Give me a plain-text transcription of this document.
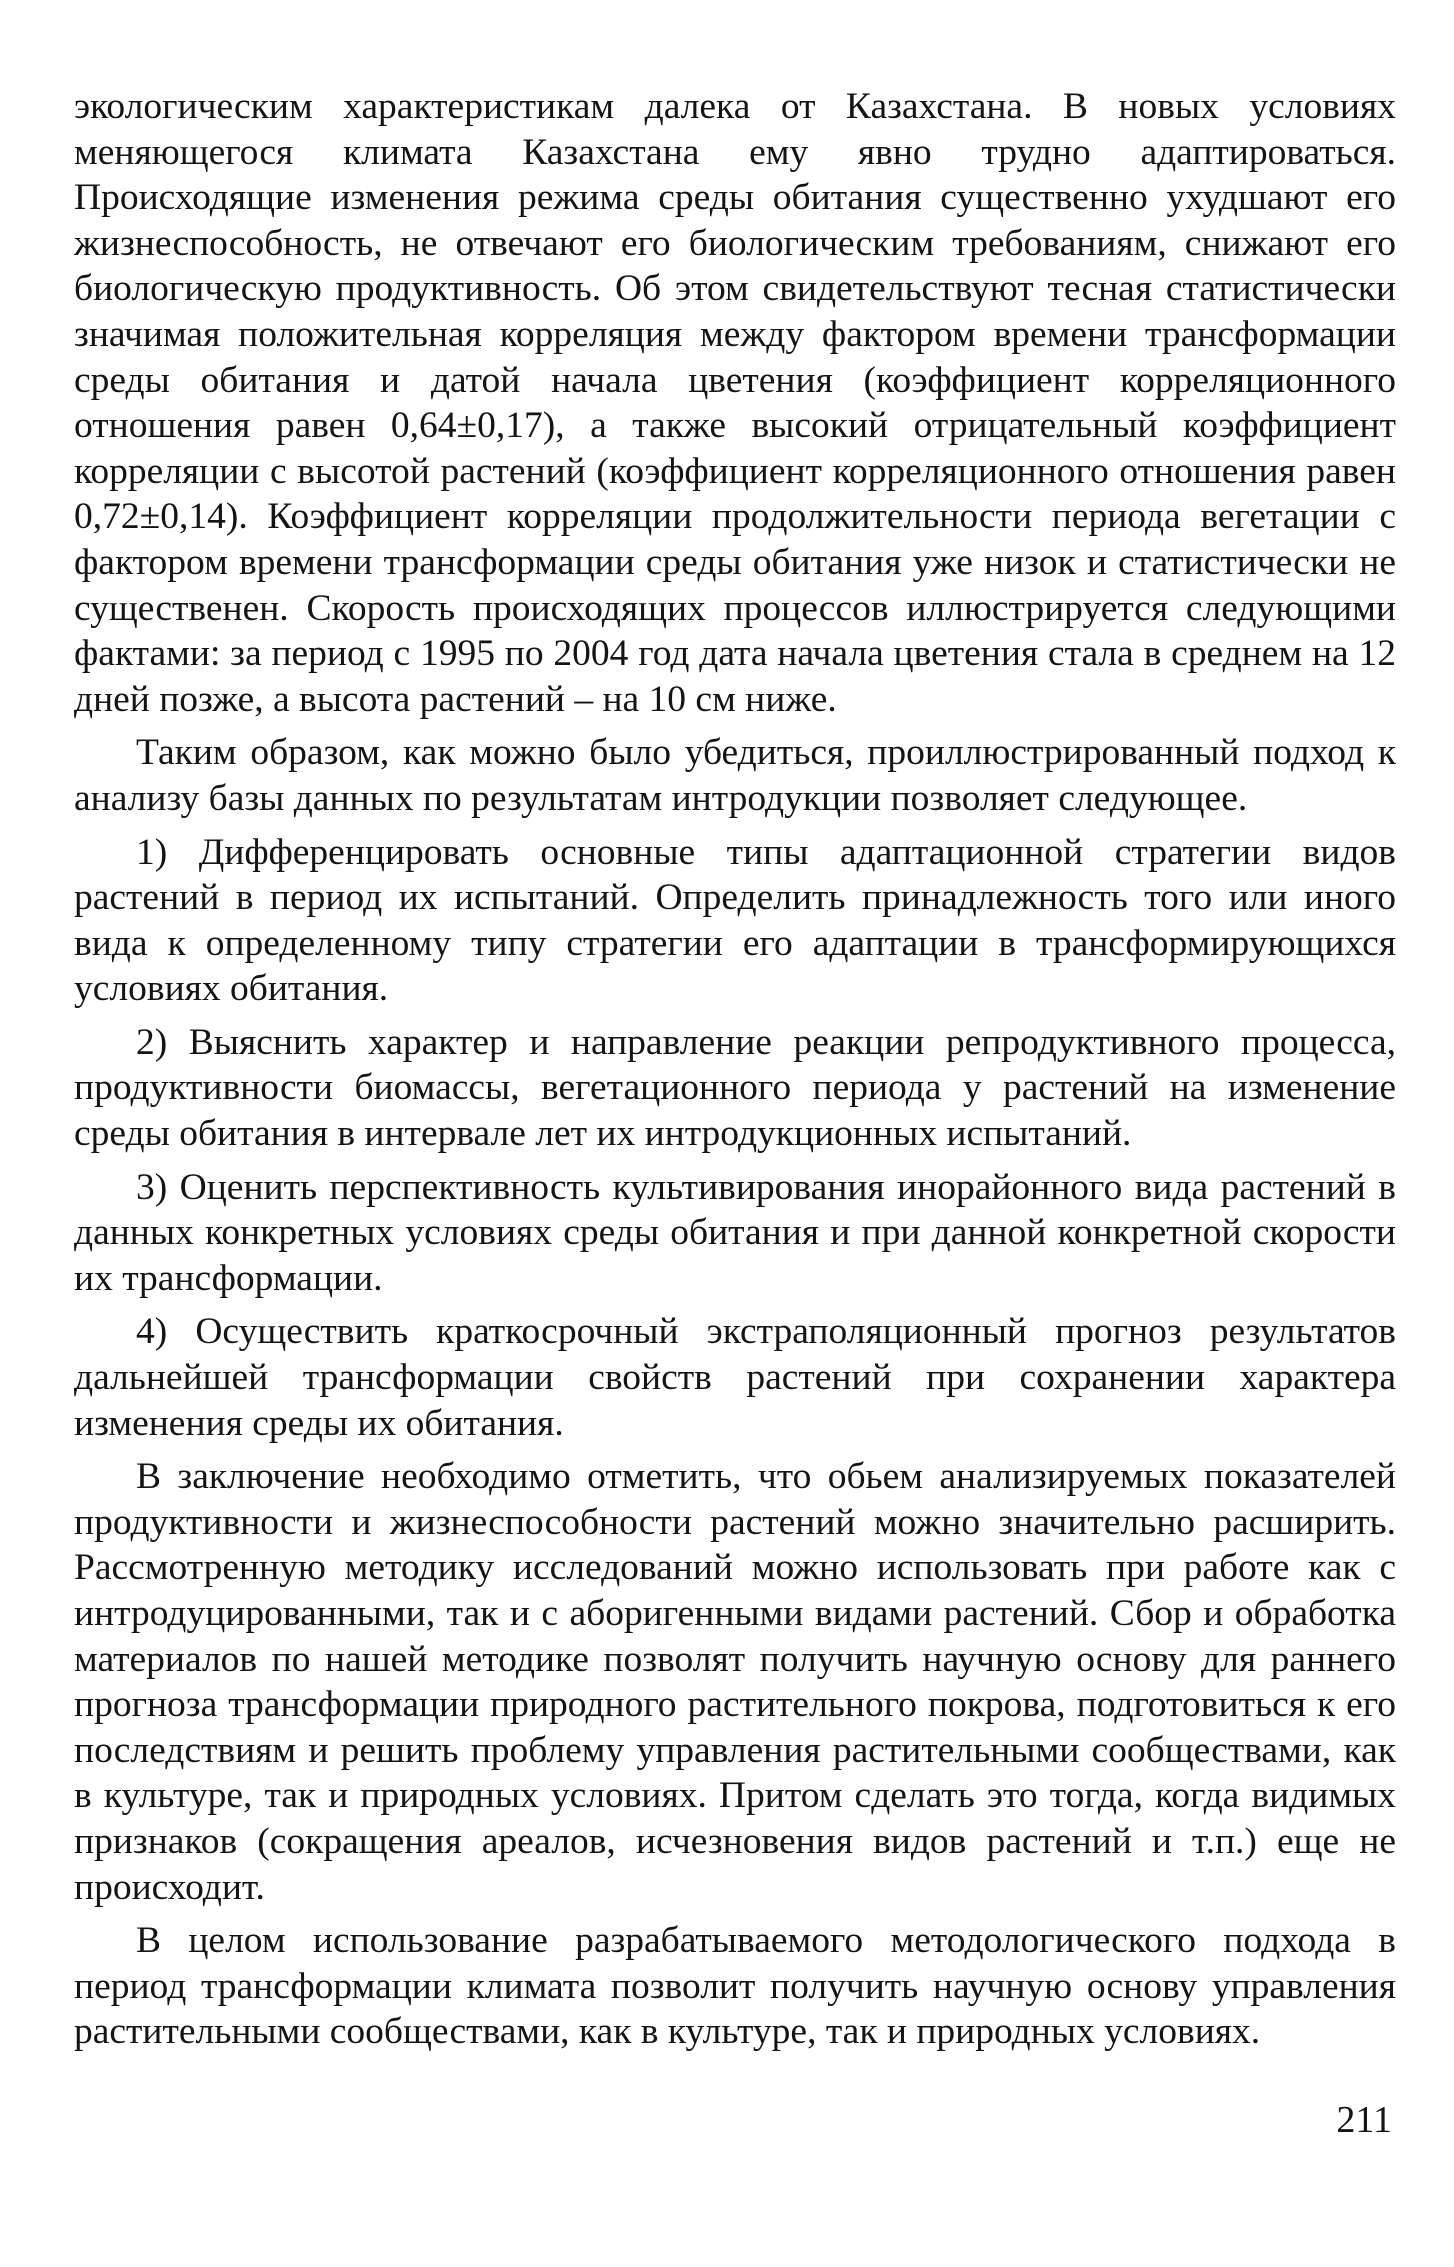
экологическим характеристикам далека от Казахстана. В новых условиях меняющегося климата Казахстана ему явно трудно адаптироваться. Происходящие изменения режима среды обитания существенно ухудшают его жизнеспособность, не отвечают его биологическим требованиям, снижают его биологическую продуктивность. Об этом свидетельствуют тесная статистически значимая положительная корреляция между фактором времени трансформации среды обитания и датой начала цветения (коэффициент корреляционного отношения равен 0,64±0,17), а также высокий отрицательный коэффициент корреляции с высотой растений (коэффициент корреляционного отношения равен 0,72±0,14). Коэффициент корреляции продолжительности периода вегетации с фактором времени трансформации среды обитания уже низок и статистически не существенен. Скорость происходящих процессов иллюстрируется следующими фактами: за период с 1995 по 2004 год дата начала цветения стала в среднем на 12 дней позже, а высота растений – на 10 см ниже.

Таким образом, как можно было убедиться, проиллюстрированный подход к анализу базы данных по результатам интродукции позволяет следующее.

1) Дифференцировать основные типы адаптационной стратегии видов растений в период их испытаний. Определить принадлежность того или иного вида к определенному типу стратегии его адаптации в трансформирующихся условиях обитания.

2) Выяснить характер и направление реакции репродуктивного процесса, продуктивности биомассы, вегетационного периода у растений на изменение среды обитания в интервале лет их интродукционных испытаний.

3) Оценить перспективность культивирования инорайонного вида растений в данных конкретных условиях среды обитания и при данной конкретной скорости их трансформации.

4) Осуществить краткосрочный экстраполяционный прогноз результатов дальнейшей трансформации свойств растений при сохранении характера изменения среды их обитания.

В заключение необходимо отметить, что обьем анализируемых показателей продуктивности и жизнеспособности растений можно значительно расширить. Рассмотренную методику исследований можно использовать при работе как с интродуцированными, так и с аборигенными видами растений. Сбор и обработка материалов по нашей методике позволят получить научную основу для раннего прогноза трансформации природного растительного покрова, подготовиться к его последствиям и решить проблему управления растительными сообществами, как в культуре, так и природных условиях. Притом сделать это тогда, когда видимых признаков (сокращения ареалов, исчезновения видов растений и т.п.) еще не происходит.

В целом использование разрабатываемого методологического подхода в период трансформации климата позволит получить научную основу управления растительными сообществами, как в культуре, так и природных условиях.

211
